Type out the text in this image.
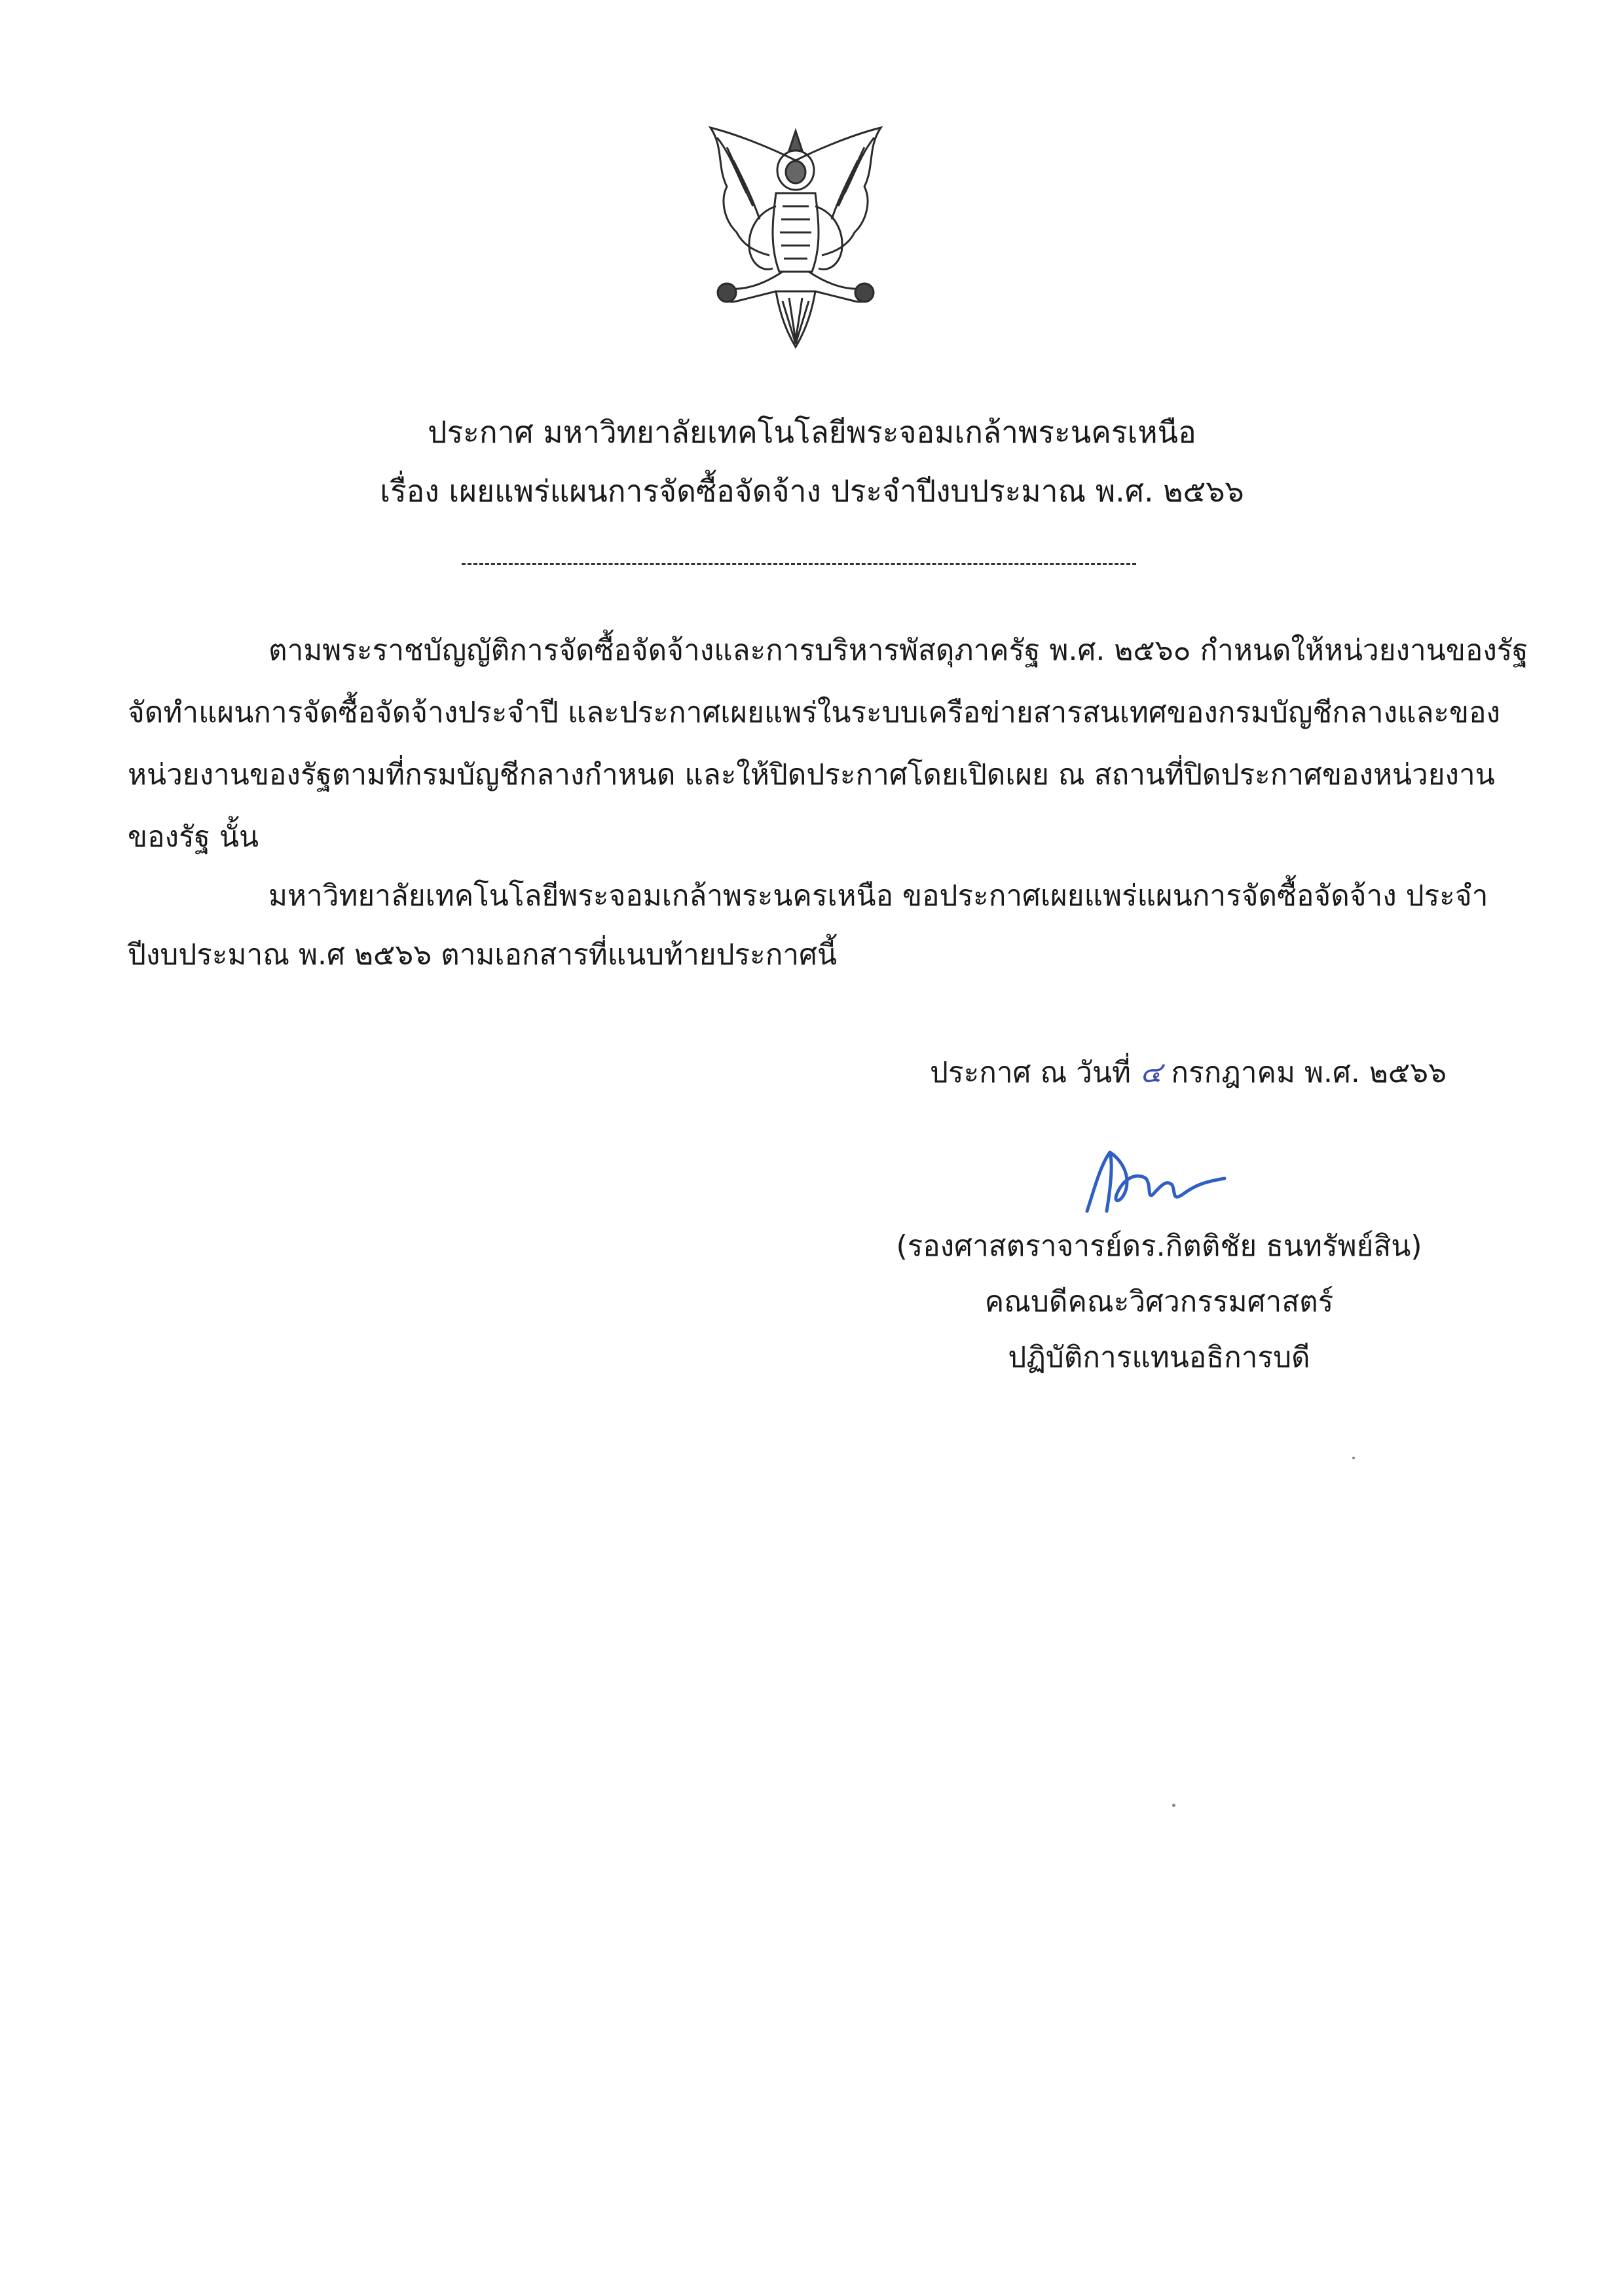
ประกาศ มหาวิทยาลัยเทคโนโลยีพระจอมเกล้าพระนครเหนือ
เรื่อง เผยแพร่แผนการจัดซื้อจัดจ้าง ประจำปีงบประมาณ พ.ศ. ๒๕๖๖
ตามพระราชบัญญัติการจัดซื้อจัดจ้างและการบริหารพัสดุภาครัฐ พ.ศ. ๒๕๖๐ กำหนดให้หน่วยงานของรัฐ
จัดทำแผนการจัดซื้อจัดจ้างประจำปี และประกาศเผยแพร่ในระบบเครือข่ายสารสนเทศของกรมบัญชีกลางและของ
หน่วยงานของรัฐตามที่กรมบัญชีกลางกำหนด และให้ปิดประกาศโดยเปิดเผย ณ สถานที่ปิดประกาศของหน่วยงาน
ของรัฐ นั้น
มหาวิทยาลัยเทคโนโลยีพระจอมเกล้าพระนครเหนือ ขอประกาศเผยแพร่แผนการจัดซื้อจัดจ้าง ประจำ
ปีงบประมาณ พ.ศ ๒๕๖๖ ตามเอกสารที่แนบท้ายประกาศนี้
ประกาศ ณ วันที่ ๔ กรกฎาคม พ.ศ. ๒๕๖๖
(รองศาสตราจารย์ดร.กิตติชัย ธนทรัพย์สิน)
คณบดีคณะวิศวกรรมศาสตร์
ปฏิบัติการแทนอธิการบดี
